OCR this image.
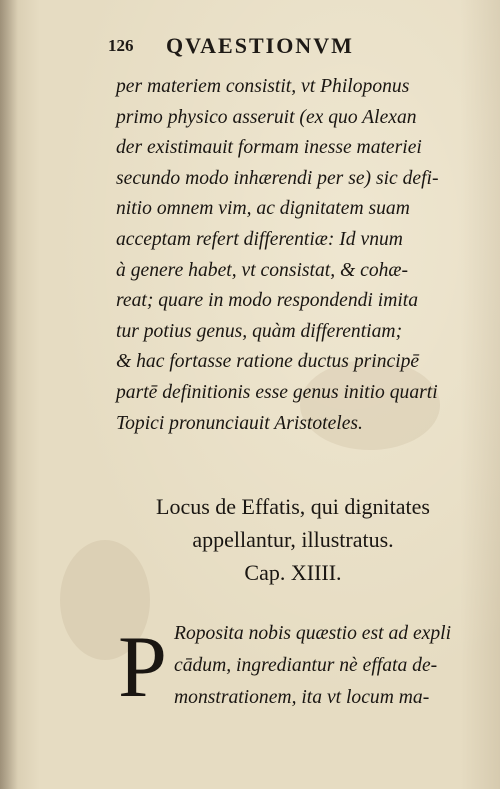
126 QVAESTIONVM
per materiem consistit, vt Philoponus
primo physico asseruit (ex quo Alexan
der existimauit formam inesse materiei
secundo modo inhærendi per se) sic defi-
nitio omnem vim, ac dignitatem suam
acceptam refert differentiæ: Id vnum
à genere habet, vt consistat, & cohæ-
reat; quare in modo respondendi imita
tur potius genus, quàm differentiam;
& hac fortasse ratione ductus principē
partē definitionis esse genus initio quarti
Topici pronunciauit Aristoteles.
Locus de Effatis, qui dignitates
appellantur, illustratus.
Cap. XIIII.
P Roposita nobis quæstio est ad expli
cādum, ingrediantur nè effata de-
monstrationem, ita vt locum ma-
